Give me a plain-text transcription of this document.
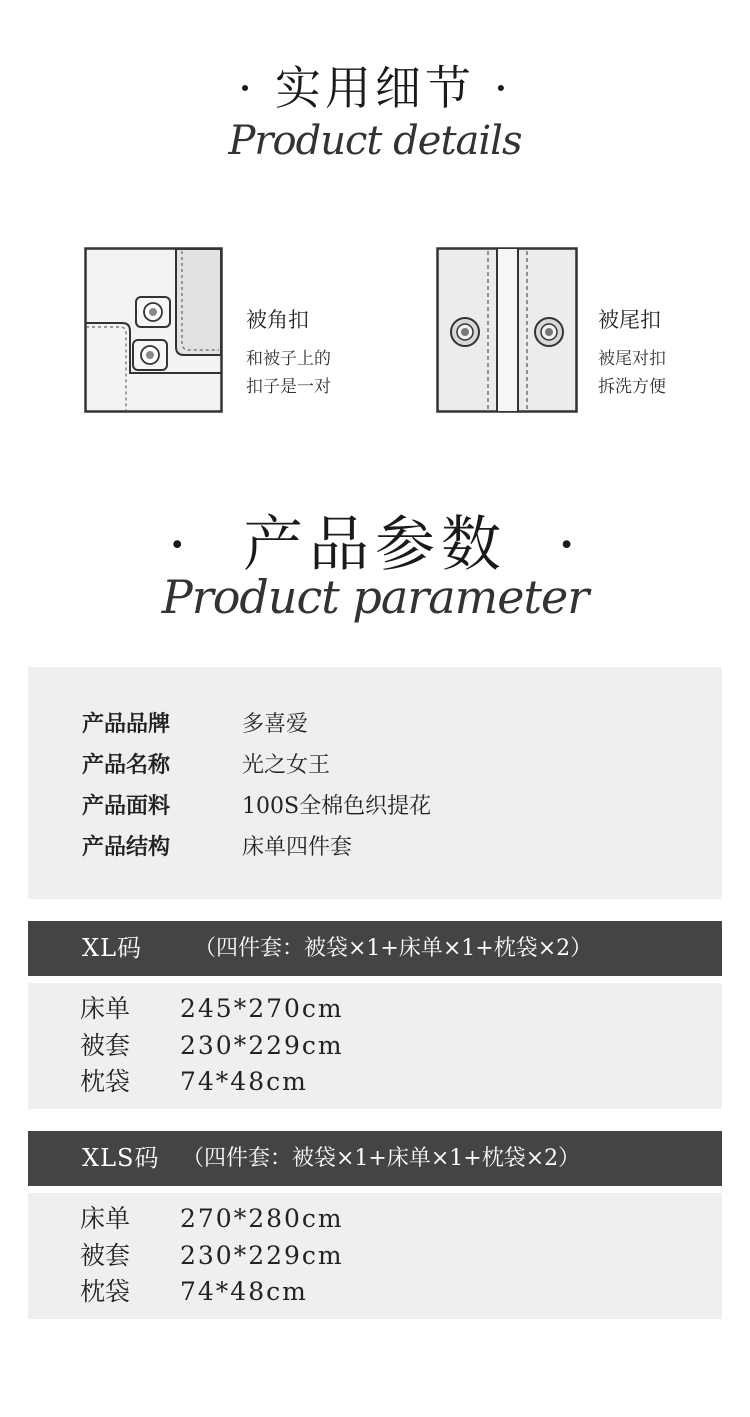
· 实用细节 ·
Product details
被角扣
和被子上的
扣子是一对
被尾扣
被尾对扣
拆洗方便
·  产品参数  ·
Product parameter
产品品牌	多喜爱
产品名称	光之女王
产品面料	100S全棉色织提花
产品结构	床单四件套
XL码 （四件套：被袋×1+床单×1+枕袋×2）
床单 245*270cm
被套 230*229cm
枕袋 74*48cm
XLS码 （四件套：被袋×1+床单×1+枕袋×2）
床单 270*280cm
被套 230*229cm
枕袋 74*48cm
